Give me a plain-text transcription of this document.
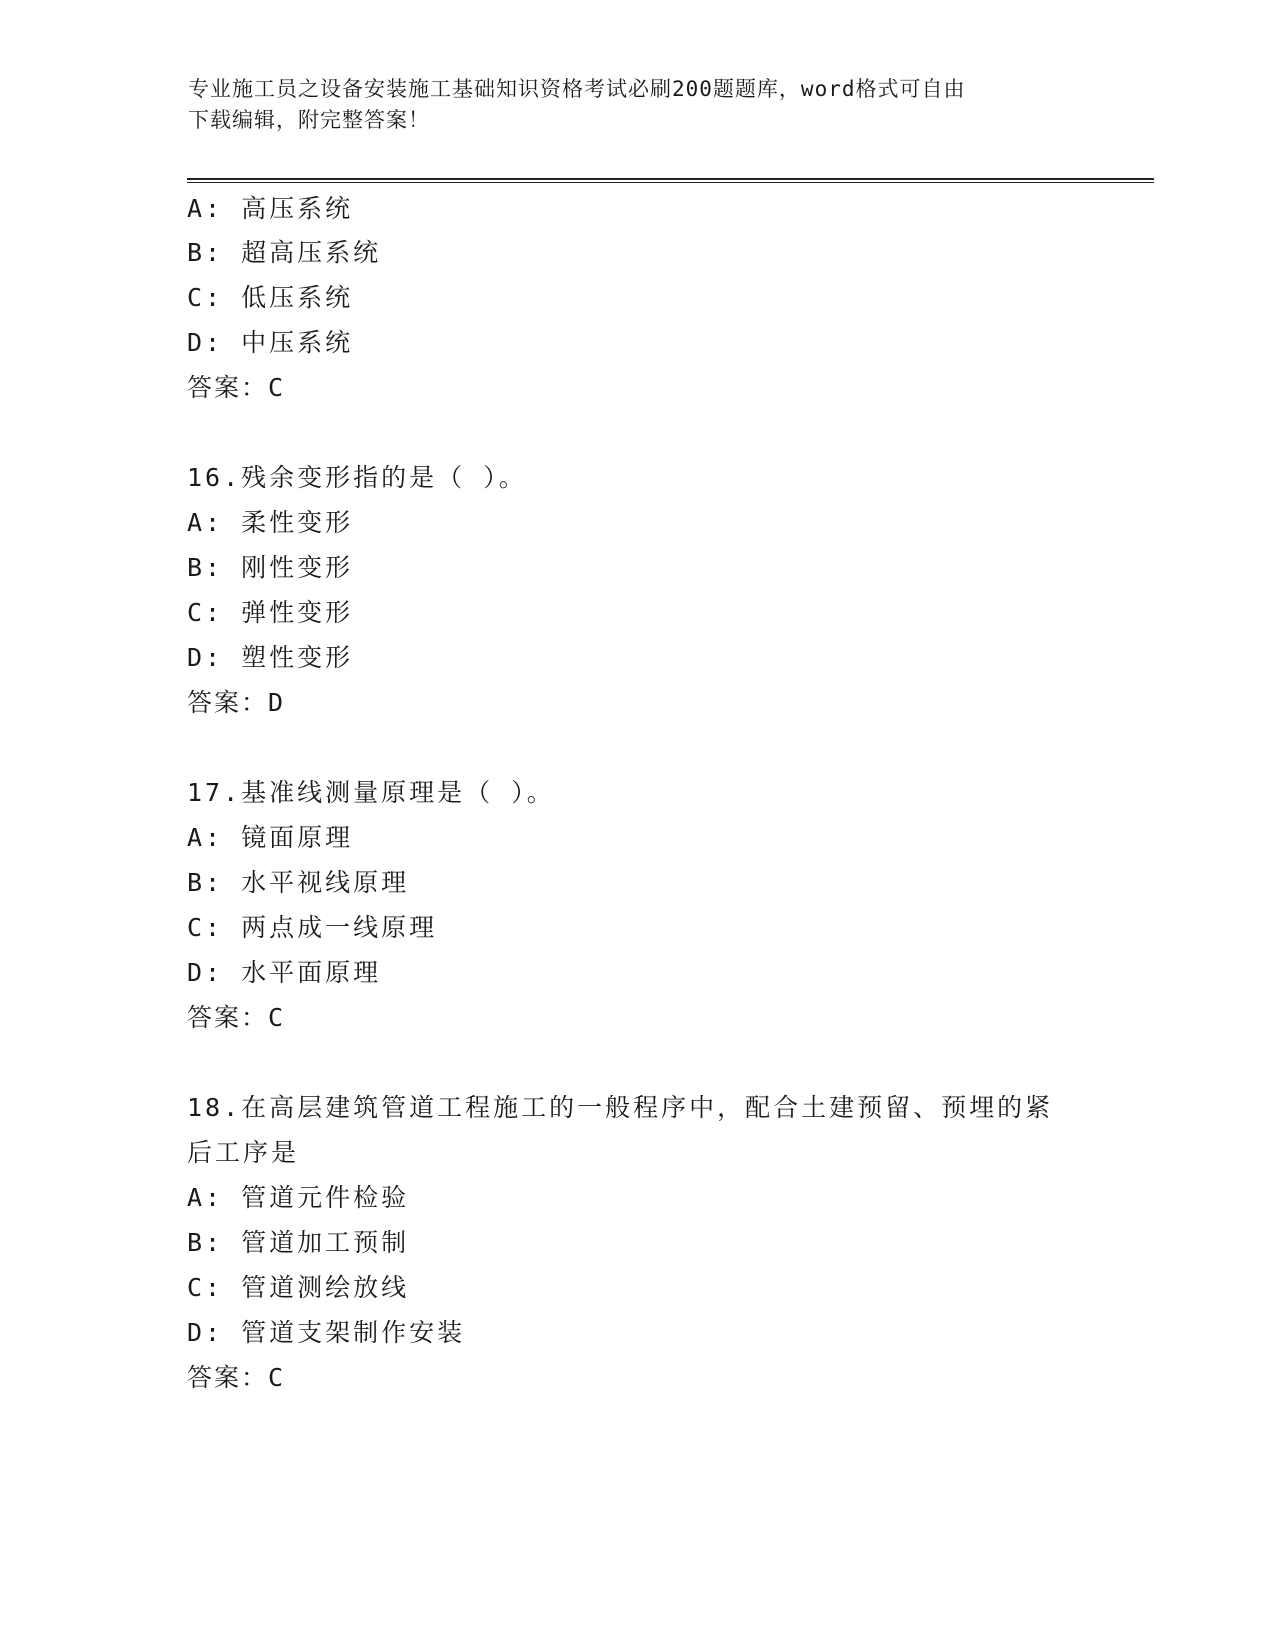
专业施工员之设备安装施工基础知识资格考试必刷200题题库，word格式可自由
下载编辑，附完整答案！
A: 高压系统
B: 超高压系统
C: 低压系统
D: 中压系统
答案：C
16.残余变形指的是（ ）。
A: 柔性变形
B: 刚性变形
C: 弹性变形
D: 塑性变形
答案：D
17.基准线测量原理是（ ）。
A: 镜面原理
B: 水平视线原理
C: 两点成一线原理
D: 水平面原理
答案：C
18.在高层建筑管道工程施工的一般程序中，配合土建预留、预埋的紧
后工序是
A: 管道元件检验
B: 管道加工预制
C: 管道测绘放线
D: 管道支架制作安装
答案：C
